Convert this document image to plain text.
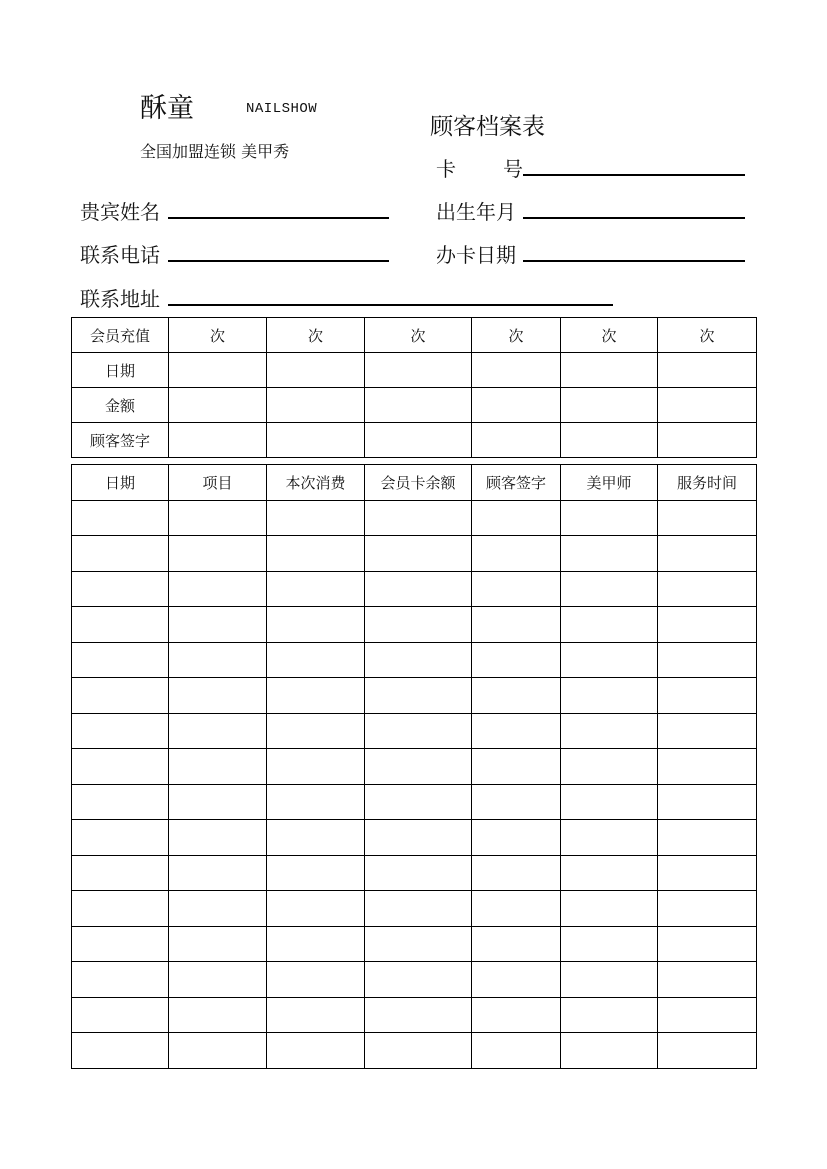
酥童	NAILSHOW
全国加盟连锁 美甲秀
顾客档案表
卡 号
贵宾姓名	出生年月
联系电话	办卡日期
联系地址
会员充值	次	次	次	次	次	次
日期						
金额						
顾客签字						
日期	项目	本次消费	会员卡余额	顾客签字	美甲师	服务时间
